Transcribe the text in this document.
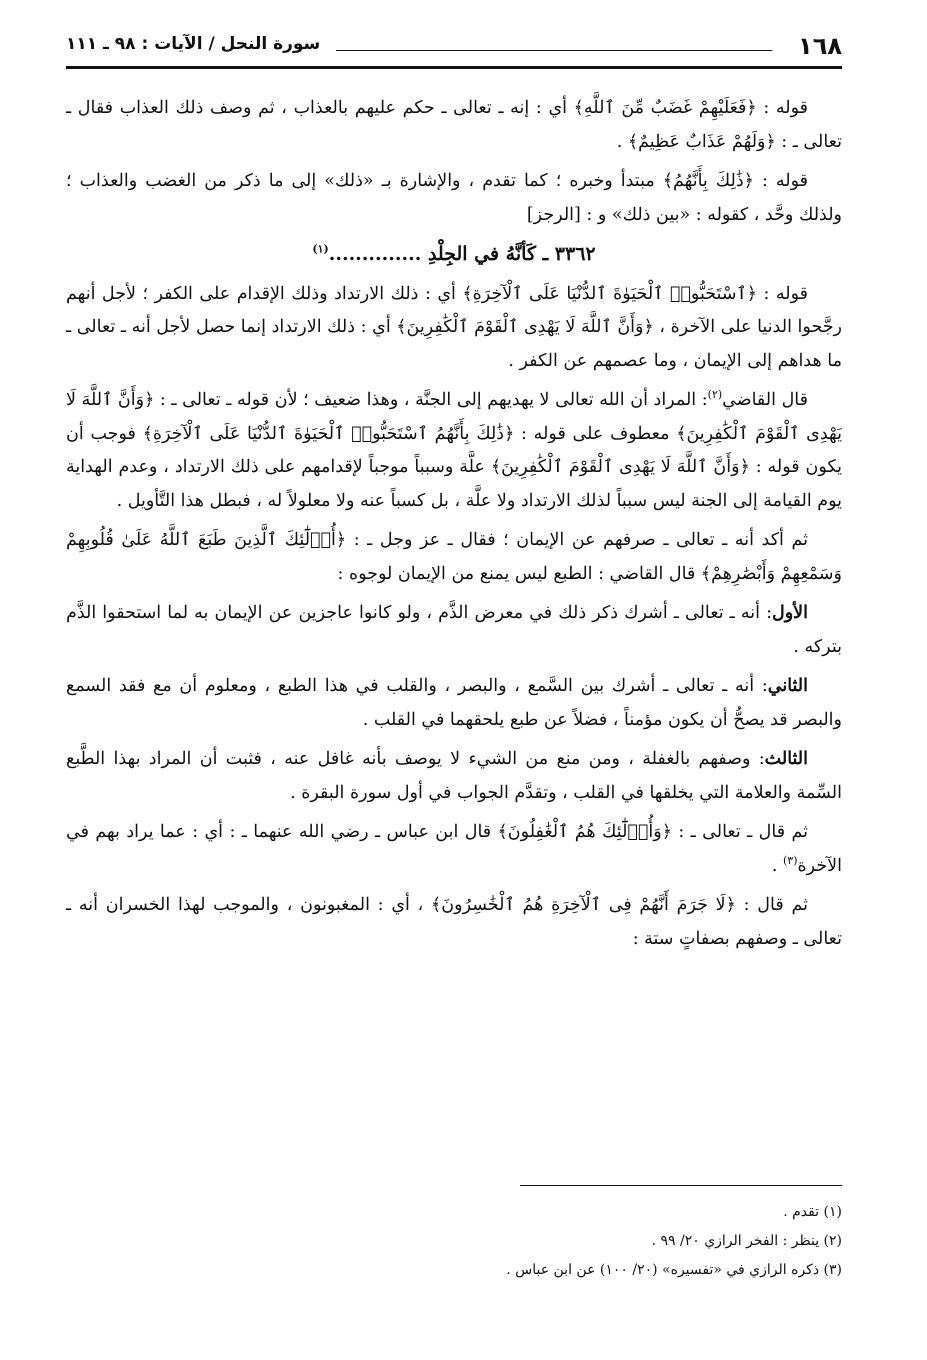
١٦٨
سورة النحل / الآيات : ٩٨ ـ ١١١

قوله : ﴿فَعَلَيْهِمْ غَضَبٌ مِّنَ ٱللَّهِ﴾ أي : إنه ـ تعالى ـ حكم عليهم بالعذاب ، ثم وصف ذلك العذاب فقال ـ تعالى ـ : ﴿وَلَهُمْ عَذَابٌ عَظِيمٌ﴾ .

قوله : ﴿ذَٰلِكَ بِأَنَّهُمُ﴾ مبتدأ وخبره ؛ كما تقدم ، والإشارة بـ «ذلك» إلى ما ذكر من الغضب والعذاب ؛ ولذلك وحَّد ، كقوله : «بين ذلك» و : [الرجز]

٣٣٦٢ ـ كَأنَّهُ في الجِلْدِ ..............$^{(١)}$

قوله : ﴿ٱسْتَحَبُّوا۟ ٱلْحَيَوٰةَ ٱلدُّنْيَا عَلَى ٱلْآخِرَةِ﴾ أي : ذلك الارتداد وذلك الإقدام على الكفر ؛ لأجل أنهم رجَّحوا الدنيا على الآخرة ، ﴿وَأَنَّ ٱللَّهَ لَا يَهْدِى ٱلْقَوْمَ ٱلْكَٰفِرِينَ﴾ أي : ذلك الارتداد إنما حصل لأجل أنه ـ تعالى ـ ما هداهم إلى الإيمان ، وما عصمهم عن الكفر .

قال القاضي$^{(٢)}$: المراد أن الله تعالى لا يهديهم إلى الجنَّة ، وهذا ضعيف ؛ لأن قوله ـ تعالى ـ : ﴿وَأَنَّ ٱللَّهَ لَا يَهْدِى ٱلْقَوْمَ ٱلْكَٰفِرِينَ﴾ معطوف على قوله : ﴿ذَٰلِكَ بِأَنَّهُمُ ٱسْتَحَبُّوا۟ ٱلْحَيَوٰةَ ٱلدُّنْيَا عَلَى ٱلْآخِرَةِ﴾ فوجب أن يكون قوله : ﴿وَأَنَّ ٱللَّهَ لَا يَهْدِى ٱلْقَوْمَ ٱلْكَٰفِرِينَ﴾ علَّة وسبباً موجباً لإقدامهم على ذلك الارتداد ، وعدم الهداية يوم القيامة إلى الجنة ليس سبباً لذلك الارتداد ولا علَّة ، بل كسباً عنه ولا معلولاً له ، فبطل هذا التَّأويل .

ثم أكد أنه ـ تعالى ـ صرفهم عن الإيمان ؛ فقال ـ عز وجل ـ : ﴿أُو۟لَٰٓئِكَ ٱلَّذِينَ طَبَعَ ٱللَّهُ عَلَىٰ قُلُوبِهِمْ وَسَمْعِهِمْ وَأَبْصَٰرِهِمْ﴾ قال القاضي : الطبع ليس يمنع من الإيمان لوجوه :

الأول: أنه ـ تعالى ـ أشرك ذكر ذلك في معرض الذَّم ، ولو كانوا عاجزين عن الإيمان به لما استحقوا الذَّم بتركه .

الثاني: أنه ـ تعالى ـ أشرك بين السَّمع ، والبصر ، والقلب في هذا الطبع ، ومعلوم أن مع فقد السمع والبصر قد يصحُّ أن يكون مؤمناً ، فضلاً عن طبع يلحقهما في القلب .

الثالث: وصفهم بالغفلة ، ومن منع من الشيء لا يوصف بأنه غافل عنه ، فثبت أن المراد بهذا الطَّبع السِّمة والعلامة التي يخلقها في القلب ، وتقدَّم الجواب في أول سورة البقرة .

ثم قال ـ تعالى ـ : ﴿وَأُو۟لَٰٓئِكَ هُمُ ٱلْغَٰفِلُونَ﴾ قال ابن عباس ـ رضي الله عنهما ـ : أي : عما يراد بهم في الآخرة$^{(٣)}$ .

ثم قال : ﴿لَا جَرَمَ أَنَّهُمْ فِى ٱلْآخِرَةِ هُمُ ٱلْخَٰسِرُونَ﴾ ، أي : المغبونون ، والموجب لهذا الخسران أنه ـ تعالى ـ وصفهم بصفاتٍ ستة :

(١) تقدم .

(٢) ينظر : الفخر الرازي ٢٠/ ٩٩ .

(٣) ذكره الرازي في «تفسيره» (٢٠/ ١٠٠) عن ابن عباس .
